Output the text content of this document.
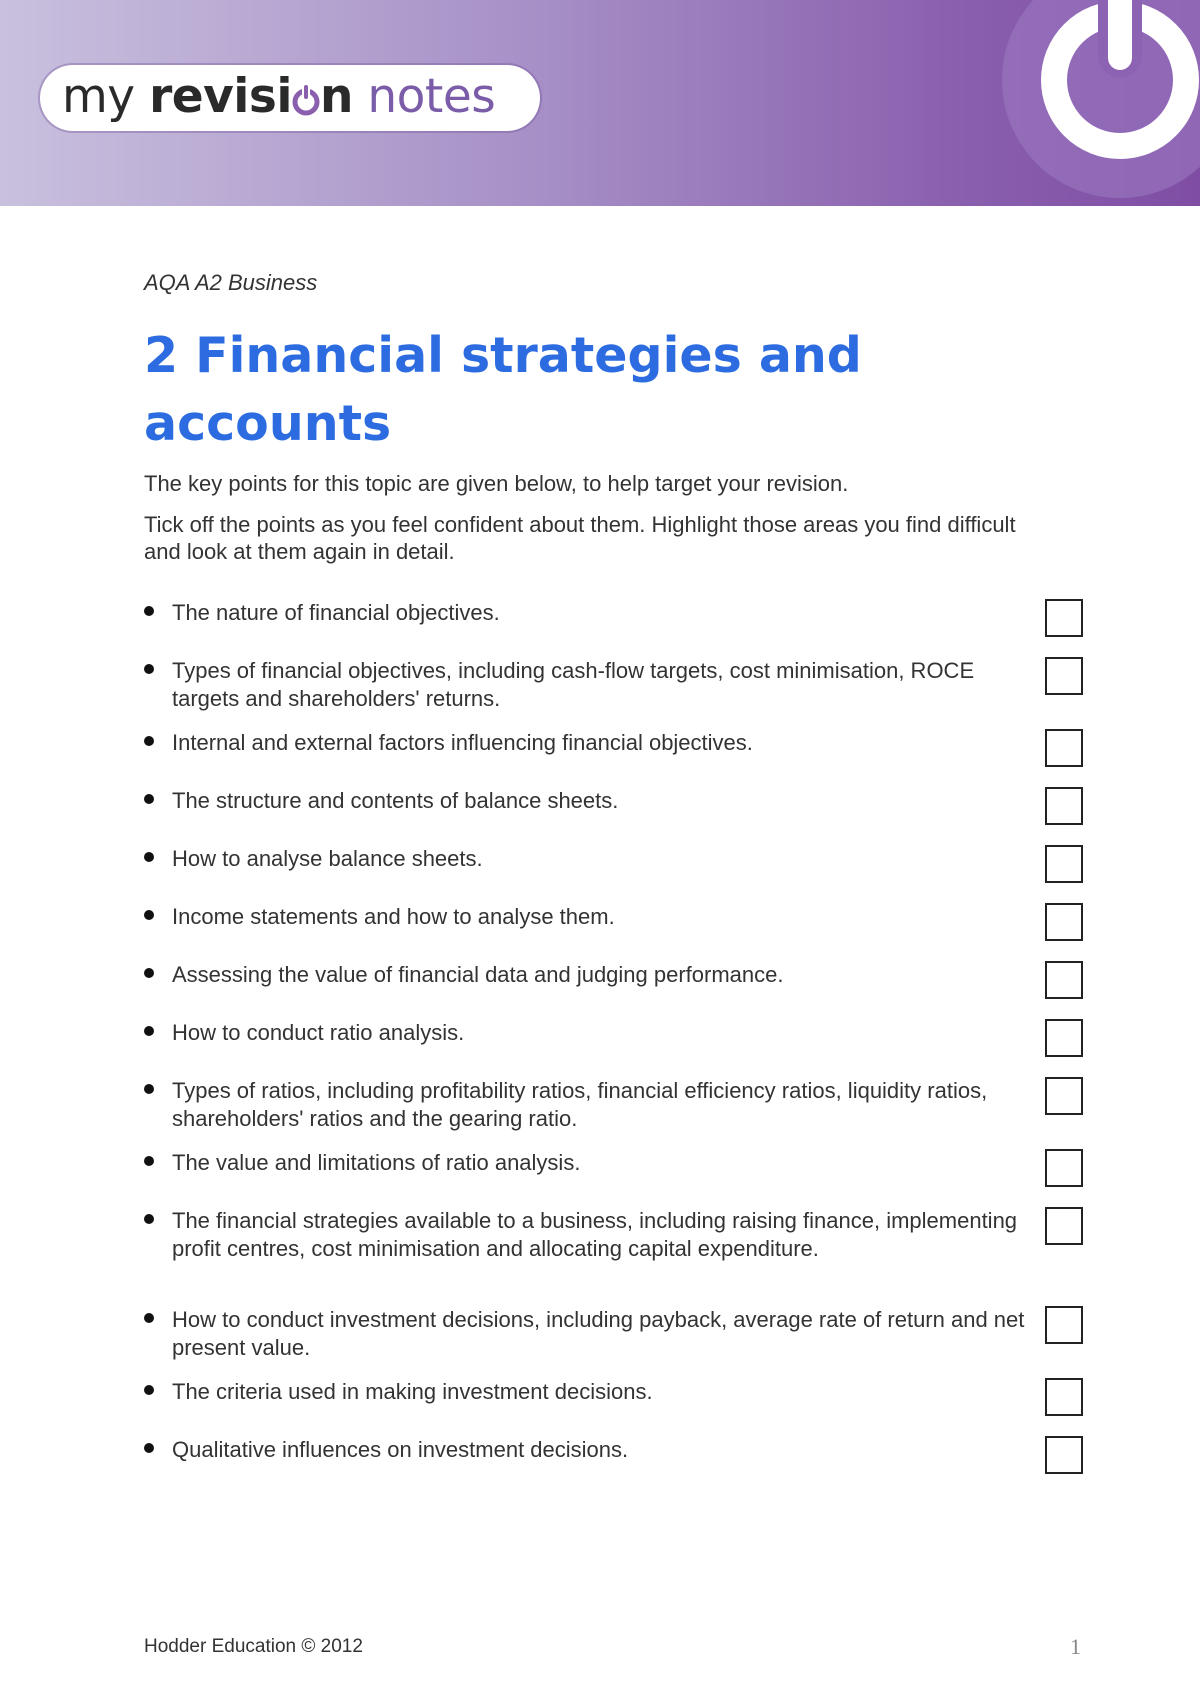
my revisi n notes
AQA A2 Business
2 Financial strategies and accounts
The key points for this topic are given below, to help target your revision.
Tick off the points as you feel confident about them. Highlight those areas you find difficult and look at them again in detail.
The nature of financial objectives.
Types of financial objectives, including cash-flow targets, cost minimisation, ROCE targets and shareholders' returns.
Internal and external factors influencing financial objectives.
The structure and contents of balance sheets.
How to analyse balance sheets.
Income statements and how to analyse them.
Assessing the value of financial data and judging performance.
How to conduct ratio analysis.
Types of ratios, including profitability ratios, financial efficiency ratios, liquidity ratios, shareholders' ratios and the gearing ratio.
The value and limitations of ratio analysis.
The financial strategies available to a business, including raising finance, implementing profit centres, cost minimisation and allocating capital expenditure.
How to conduct investment decisions, including payback, average rate of return and net present value.
The criteria used in making investment decisions.
Qualitative influences on investment decisions.
Hodder Education © 2012	1
